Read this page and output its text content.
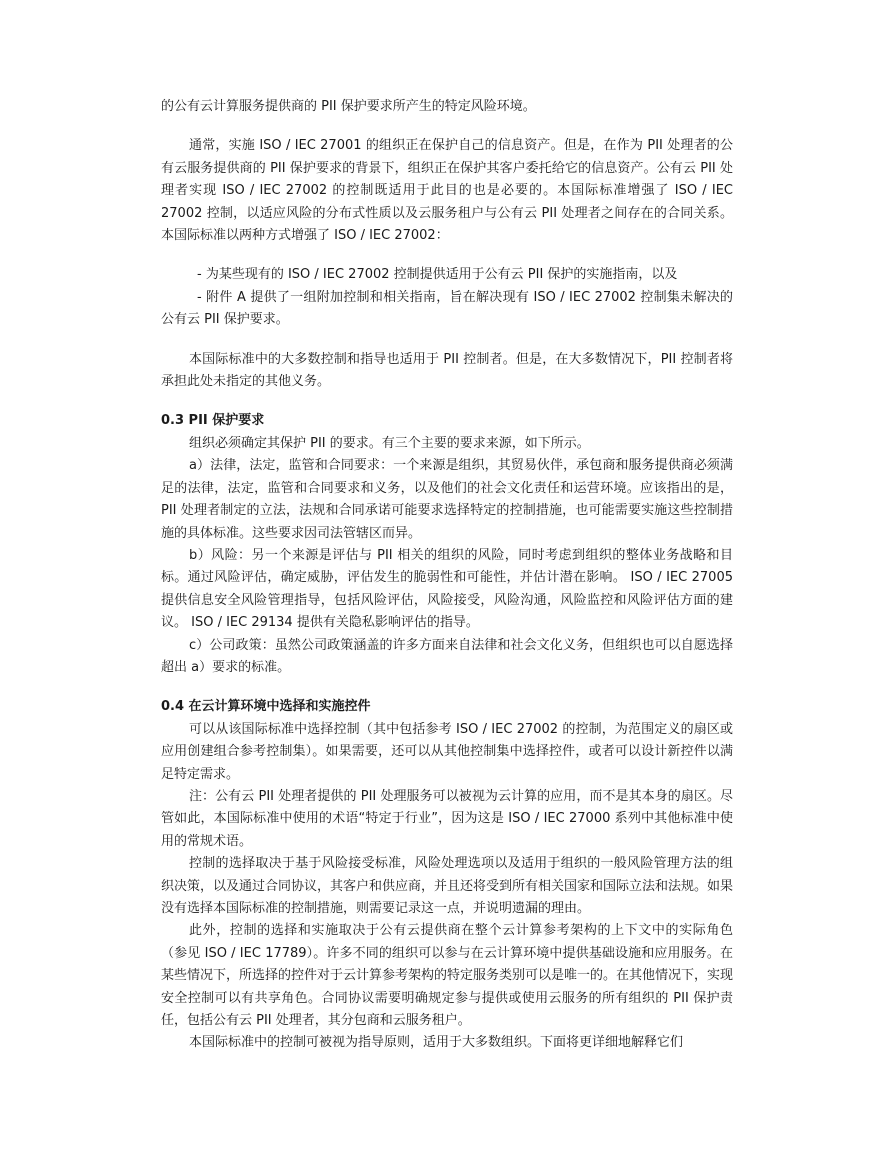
的公有云计算服务提供商的 PII 保护要求所产生的特定风险环境。

通常，实施 ISO / IEC 27001 的组织正在保护自己的信息资产。但是，在作为 PII 处理者的公有云服务提供商的 PII 保护要求的背景下，组织正在保护其客户委托给它的信息资产。公有云 PII 处理者实现 ISO / IEC 27002 的控制既适用于此目的也是必要的。本国际标准增强了 ISO / IEC 27002 控制，以适应风险的分布式性质以及云服务租户与公有云 PII 处理者之间存在的合同关系。本国际标准以两种方式增强了 ISO / IEC 27002：

- 为某些现有的 ISO / IEC 27002 控制提供适用于公有云 PII 保护的实施指南，以及

- 附件 A 提供了一组附加控制和相关指南，旨在解决现有 ISO / IEC 27002 控制集未解决的公有云 PII 保护要求。

本国际标准中的大多数控制和指导也适用于 PII 控制者。但是，在大多数情况下，PII 控制者将承担此处未指定的其他义务。

0.3 PII 保护要求

组织必须确定其保护 PII 的要求。有三个主要的要求来源，如下所示。

a）法律，法定，监管和合同要求：一个来源是组织，其贸易伙伴，承包商和服务提供商必须满足的法律，法定，监管和合同要求和义务，以及他们的社会文化责任和运营环境。应该指出的是，PII 处理者制定的立法，法规和合同承诺可能要求选择特定的控制措施，也可能需要实施这些控制措施的具体标准。这些要求因司法管辖区而异。

b）风险：另一个来源是评估与 PII 相关的组织的风险，同时考虑到组织的整体业务战略和目标。通过风险评估，确定威胁，评估发生的脆弱性和可能性，并估计潜在影响。 ISO / IEC 27005 提供信息安全风险管理指导，包括风险评估，风险接受，风险沟通，风险监控和风险评估方面的建议。 ISO / IEC 29134 提供有关隐私影响评估的指导。

c）公司政策：虽然公司政策涵盖的许多方面来自法律和社会文化义务，但组织也可以自愿选择超出 a）要求的标准。

0.4 在云计算环境中选择和实施控件

可以从该国际标准中选择控制（其中包括参考 ISO / IEC 27002 的控制，为范围定义的扇区或应用创建组合参考控制集）。如果需要，还可以从其他控制集中选择控件，或者可以设计新控件以满足特定需求。

注：公有云 PII 处理者提供的 PII 处理服务可以被视为云计算的应用，而不是其本身的扇区。尽管如此，本国际标准中使用的术语“特定于行业”，因为这是 ISO / IEC 27000 系列中其他标准中使用的常规术语。

控制的选择取决于基于风险接受标准，风险处理选项以及适用于组织的一般风险管理方法的组织决策，以及通过合同协议，其客户和供应商，并且还将受到所有相关国家和国际立法和法规。如果没有选择本国际标准的控制措施，则需要记录这一点，并说明遗漏的理由。

此外，控制的选择和实施取决于公有云提供商在整个云计算参考架构的上下文中的实际角色（参见 ISO / IEC 17789）。许多不同的组织可以参与在云计算环境中提供基础设施和应用服务。在某些情况下，所选择的控件对于云计算参考架构的特定服务类别可以是唯一的。在其他情况下，实现安全控制可以有共享角色。合同协议需要明确规定参与提供或使用云服务的所有组织的 PII 保护责任，包括公有云 PII 处理者，其分包商和云服务租户。

本国际标准中的控制可被视为指导原则，适用于大多数组织。下面将更详细地解释它们
